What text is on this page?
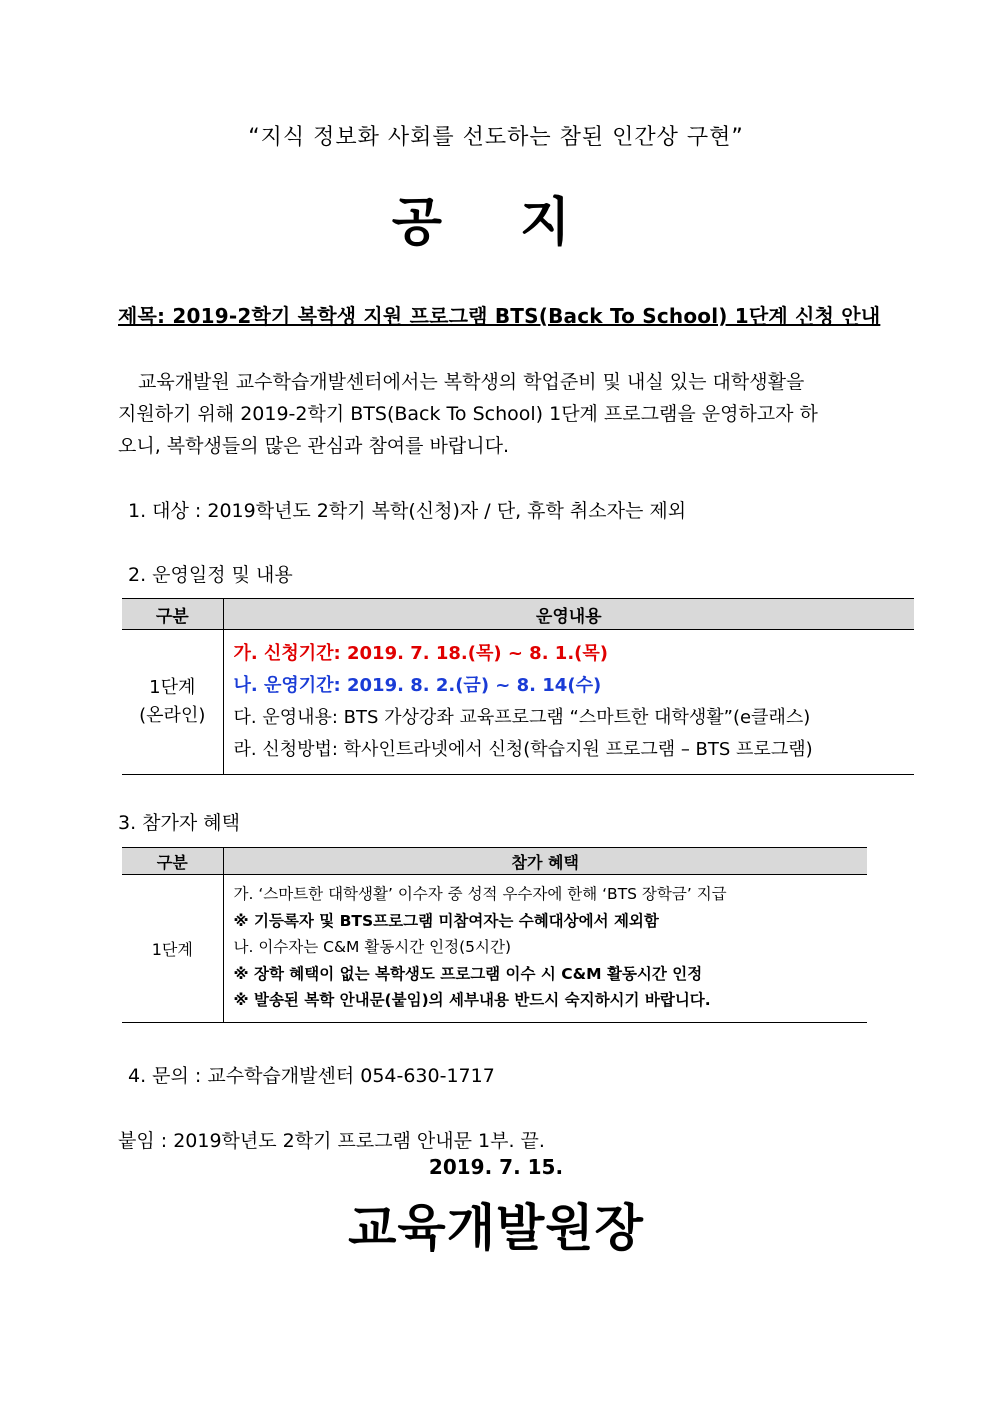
“지식 정보화 사회를 선도하는 참된 인간상 구현”
공 지
제목: 2019-2학기 복학생 지원 프로그램 BTS(Back To School) 1단계 신청 안내
교육개발원 교수학습개발센터에서는 복학생의 학업준비 및 내실 있는 대학생활을
지원하기 위해 2019-2학기 BTS(Back To School) 1단계 프로그램을 운영하고자 하
오니, 복학생들의 많은 관심과 참여를 바랍니다.
1. 대상 : 2019학년도 2학기 복학(신청)자 / 단, 휴학 취소자는 제외
2. 운영일정 및 내용
구분	운영내용

1단계
(온라인)	가. 신청기간: 2019. 7. 18.(목) ~ 8. 1.(목)
나. 운영기간: 2019. 8. 2.(금) ~ 8. 14(수)
다. 운영내용: BTS 가상강좌 교육프로그램 “스마트한 대학생활”(e클래스)
라. 신청방법: 학사인트라넷에서 신청(학습지원 프로그램 – BTS 프로그램)
3. 참가자 혜택
구분	참가 혜택
1단계	가. ‘스마트한 대학생활’ 이수자 중 성적 우수자에 한해 ‘BTS 장학금’ 지급
※ 기등록자 및 BTS프로그램 미참여자는 수혜대상에서 제외함
나. 이수자는 C&M 활동시간 인정(5시간)
※ 장학 혜택이 없는 복학생도 프로그램 이수 시 C&M 활동시간 인정
※ 발송된 복학 안내문(붙임)의 세부내용 반드시 숙지하시기 바랍니다.
4. 문의 : 교수학습개발센터 054-630-1717
붙임 : 2019학년도 2학기 프로그램 안내문 1부. 끝.
2019. 7. 15.
교육개발원장
